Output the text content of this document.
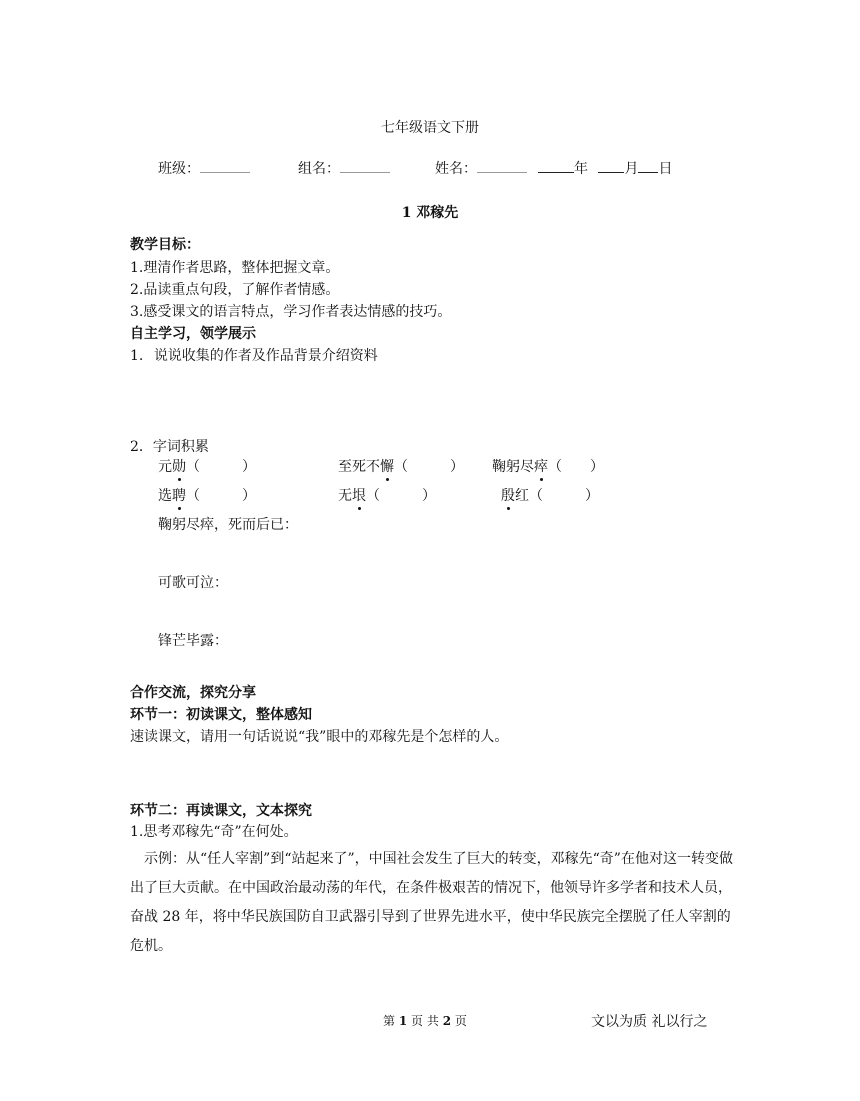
七年级语文下册
班级：	组名：	姓名：	年	月 日
1 邓稼先
教学目标：
1.理清作者思路，整体把握文章。
2.品读重点句段，了解作者情感。
3.感受课文的语言特点，学习作者表达情感的技巧。
自主学习，领学展示
1. 说说收集的作者及作品背景介绍资料
2．字词积累
元勋（　　　）	至死不懈（　　　） 鞠躬尽瘁（　　）
选聘（　　　）	无垠（　　　）	殷红（　　　）
鞠躬尽瘁，死而后已：
可歌可泣：
锋芒毕露：
合作交流，探究分享
环节一：初读课文，整体感知
速读课文，请用一句话说说“我”眼中的邓稼先是个怎样的人。
环节二：再读课文，文本探究
1.思考邓稼先“奇”在何处。
示例：从“任人宰割”到“站起来了”，中国社会发生了巨大的转变，邓稼先“奇”在他对这一转变做出了巨大贡献。在中国政治最动荡的年代，在条件极艰苦的情况下，他领导许多学者和技术人员，奋战 28 年，将中华民族国防自卫武器引导到了世界先进水平，使中华民族完全摆脱了任人宰割的危机。
第 1 页 共 2 页	文以为质 礼以行之
